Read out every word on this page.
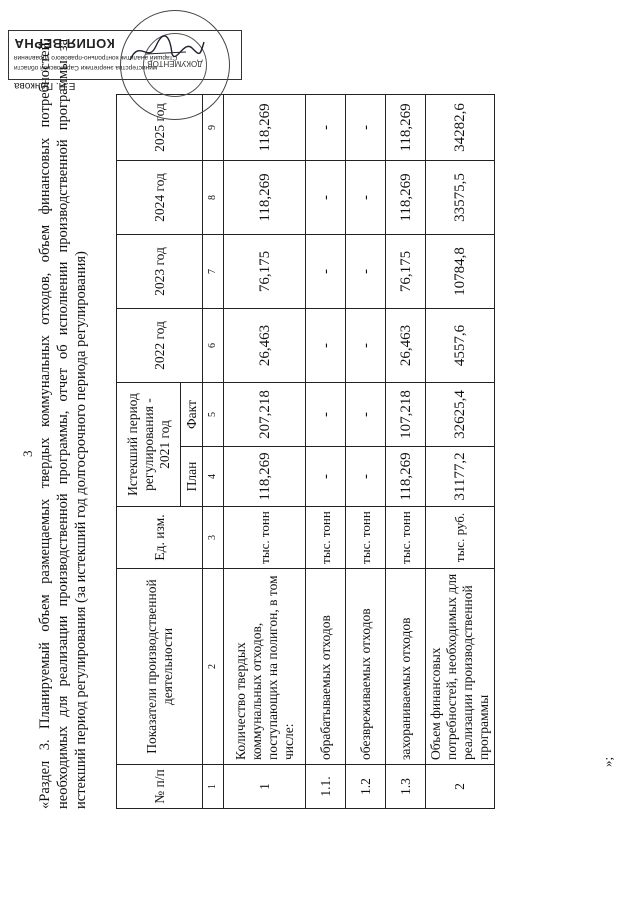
3 «Раздел 3. Планируемый объем размещаемых твердых коммунальных отходов, объем финансовых потребностей, необходимых для реализации производственной программы, отчет об исполнении производственной программы за истекший период регулирования (за истекший год долгосрочного периода регулирования)	№ п/п	Показатели производственной деятельности	Ед. изм.	Истекший период регулирования - 2021 год		2022 год	2023 год	2024 год	2025 год
			План	Факт				
1	2	3	4	5	6	7	8	9
1	Количество твердых коммунальных отходов, поступающих на полигон, в том числе:	тыс. тонн	118,269	207,218	26,463	76,175	118,269	118,269
1.1.	обрабатываемых отходов	тыс. тонн	-	-	-	-	-	-
1.2	обезвреживаемых отходов	тыс. тонн	-	-	-	-	-	-
1.3	захораниваемых отходов	тыс. тонн	118,269	107,218	26,463	76,175	118,269	118,269
2	Объем финансовых потребностей, необходимых для реализации производственной программы	тыс. руб.	31177,2	32625,4	4557,6	10784,8	33575,5	34282,6
»;
Е.Н. Панкова
Старший аналитик контрольно-правового управления
министерства энергетики Саратовской области
КОПИЯ ВЕРНА
ДОКУМЕНТОВ
